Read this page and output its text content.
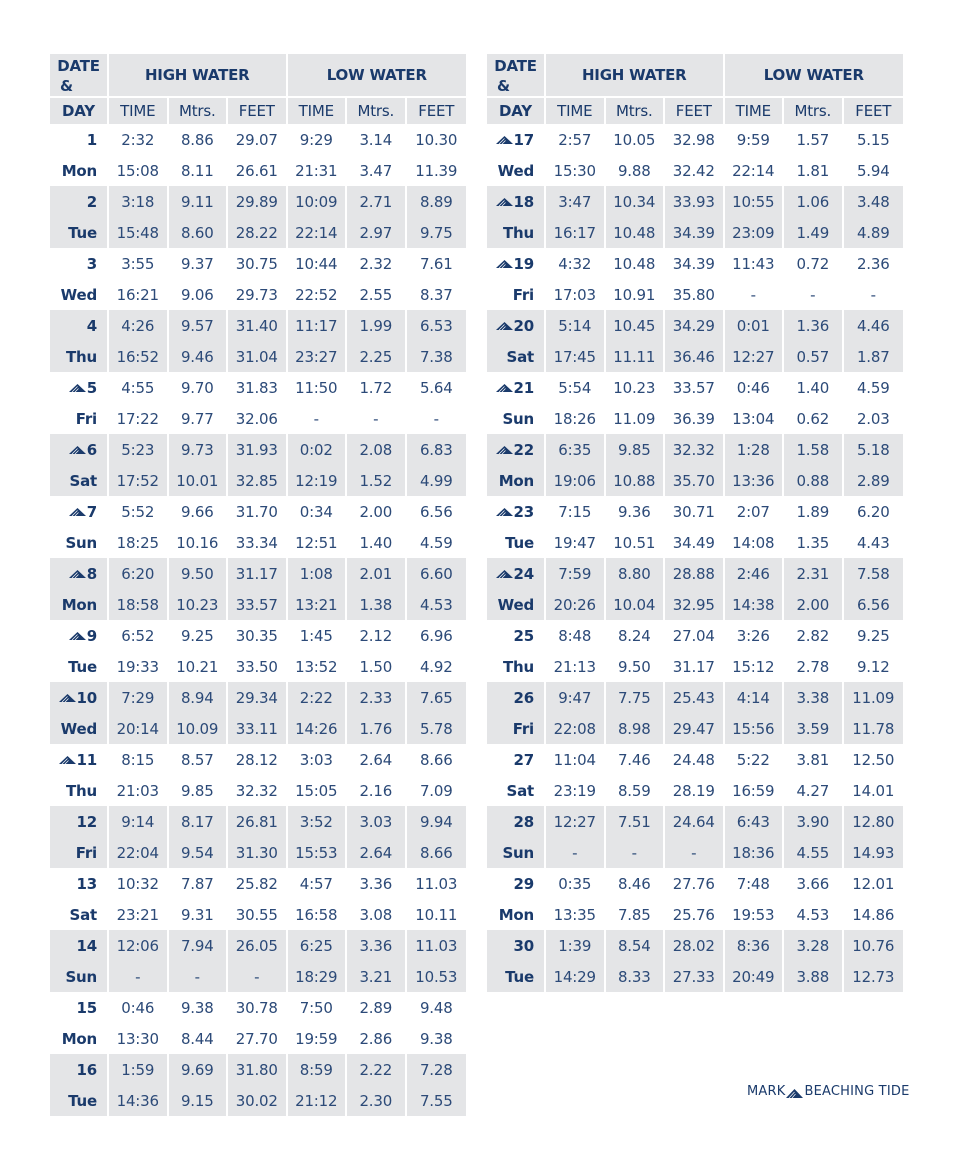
DATE
&
HIGH WATER	LOW WATER
DAY	TIME	Mtrs.	FEET	TIME	Mtrs.	FEET
1	2:32	8.86	29.07	9:29	3.14	10.30
Mon	15:08	8.11	26.61	21:31	3.47	11.39
2	3:18	9.11	29.89	10:09	2.71	8.89
Tue	15:48	8.60	28.22	22:14	2.97	9.75
3	3:55	9.37	30.75	10:44	2.32	7.61
Wed	16:21	9.06	29.73	22:52	2.55	8.37
4	4:26	9.57	31.40	11:17	1.99	6.53
Thu	16:52	9.46	31.04	23:27	2.25	7.38
5	4:55	9.70	31.83	11:50	1.72	5.64
Fri	17:22	9.77	32.06	-	-	-
6	5:23	9.73	31.93	0:02	2.08	6.83
Sat	17:52	10.01	32.85	12:19	1.52	4.99
7	5:52	9.66	31.70	0:34	2.00	6.56
Sun	18:25	10.16	33.34	12:51	1.40	4.59
8	6:20	9.50	31.17	1:08	2.01	6.60
Mon	18:58	10.23	33.57	13:21	1.38	4.53
9	6:52	9.25	30.35	1:45	2.12	6.96
Tue	19:33	10.21	33.50	13:52	1.50	4.92
10	7:29	8.94	29.34	2:22	2.33	7.65
Wed	20:14	10.09	33.11	14:26	1.76	5.78
11	8:15	8.57	28.12	3:03	2.64	8.66
Thu	21:03	9.85	32.32	15:05	2.16	7.09
12	9:14	8.17	26.81	3:52	3.03	9.94
Fri	22:04	9.54	31.30	15:53	2.64	8.66
13	10:32	7.87	25.82	4:57	3.36	11.03
Sat	23:21	9.31	30.55	16:58	3.08	10.11
14	12:06	7.94	26.05	6:25	3.36	11.03
Sun	-	-	-	18:29	3.21	10.53
15	0:46	9.38	30.78	7:50	2.89	9.48
Mon	13:30	8.44	27.70	19:59	2.86	9.38
16	1:59	9.69	31.80	8:59	2.22	7.28
Tue	14:36	9.15	30.02	21:12	2.30	7.55
DATE
&
HIGH WATER	LOW WATER
DAY	TIME	Mtrs.	FEET	TIME	Mtrs.	FEET
17	2:57	10.05	32.98	9:59	1.57	5.15
Wed	15:30	9.88	32.42	22:14	1.81	5.94
18	3:47	10.34	33.93	10:55	1.06	3.48
Thu	16:17	10.48	34.39	23:09	1.49	4.89
19	4:32	10.48	34.39	11:43	0.72	2.36
Fri	17:03	10.91	35.80	-	-	-
20	5:14	10.45	34.29	0:01	1.36	4.46
Sat	17:45	11.11	36.46	12:27	0.57	1.87
21	5:54	10.23	33.57	0:46	1.40	4.59
Sun	18:26	11.09	36.39	13:04	0.62	2.03
22	6:35	9.85	32.32	1:28	1.58	5.18
Mon	19:06	10.88	35.70	13:36	0.88	2.89
23	7:15	9.36	30.71	2:07	1.89	6.20
Tue	19:47	10.51	34.49	14:08	1.35	4.43
24	7:59	8.80	28.88	2:46	2.31	7.58
Wed	20:26	10.04	32.95	14:38	2.00	6.56
25	8:48	8.24	27.04	3:26	2.82	9.25
Thu	21:13	9.50	31.17	15:12	2.78	9.12
26	9:47	7.75	25.43	4:14	3.38	11.09
Fri	22:08	8.98	29.47	15:56	3.59	11.78
27	11:04	7.46	24.48	5:22	3.81	12.50
Sat	23:19	8.59	28.19	16:59	4.27	14.01
28	12:27	7.51	24.64	6:43	3.90	12.80
Sun	-	-	-	18:36	4.55	14.93
29	0:35	8.46	27.76	7:48	3.66	12.01
Mon	13:35	7.85	25.76	19:53	4.53	14.86
30	1:39	8.54	28.02	8:36	3.28	10.76
Tue	14:29	8.33	27.33	20:49	3.88	12.73
MARK BEACHING TIDE
